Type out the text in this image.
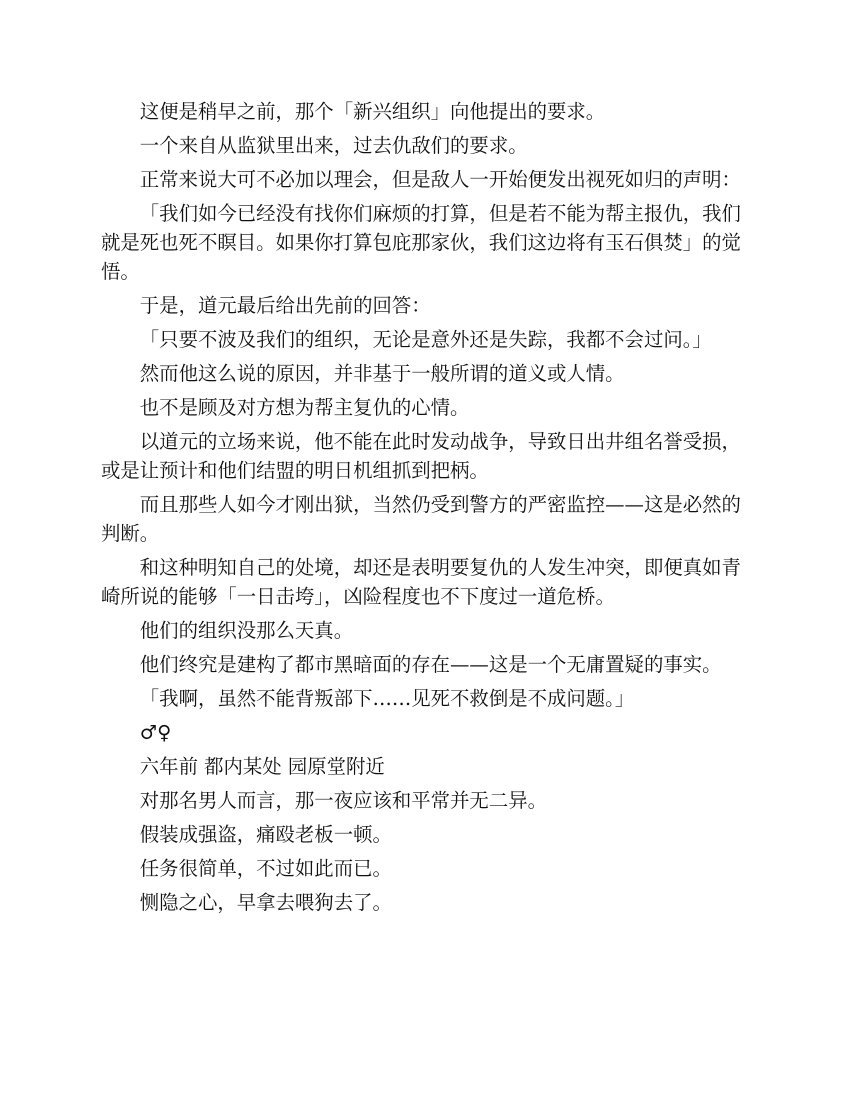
这便是稍早之前，那个「新兴组织」向他提出的要求。

一个来自从监狱里出来，过去仇敌们的要求。

正常来说大可不必加以理会，但是敌人一开始便发出视死如归的声明：

「我们如今已经没有找你们麻烦的打算，但是若不能为帮主报仇，我们就是死也死不瞑目。如果你打算包庇那家伙，我们这边将有玉石俱焚」的觉悟。

于是，道元最后给出先前的回答：

「只要不波及我们的组织，无论是意外还是失踪，我都不会过问。」

然而他这么说的原因，并非基于一般所谓的道义或人情。

也不是顾及对方想为帮主复仇的心情。

以道元的立场来说，他不能在此时发动战争，导致日出井组名誉受损，或是让预计和他们结盟的明日机组抓到把柄。

而且那些人如今才刚出狱，当然仍受到警方的严密监控——这是必然的判断。

和这种明知自己的处境，却还是表明要复仇的人发生冲突，即便真如青崎所说的能够「一日击垮」，凶险程度也不下度过一道危桥。

他们的组织没那么天真。

他们终究是建构了都市黑暗面的存在——这是一个无庸置疑的事实。

「我啊，虽然不能背叛部下……见死不救倒是不成问题。」

♂♀

六年前 都内某处 园原堂附近

对那名男人而言，那一夜应该和平常并无二异。

假装成强盗，痛殴老板一顿。

任务很简单，不过如此而已。

恻隐之心，早拿去喂狗去了。
